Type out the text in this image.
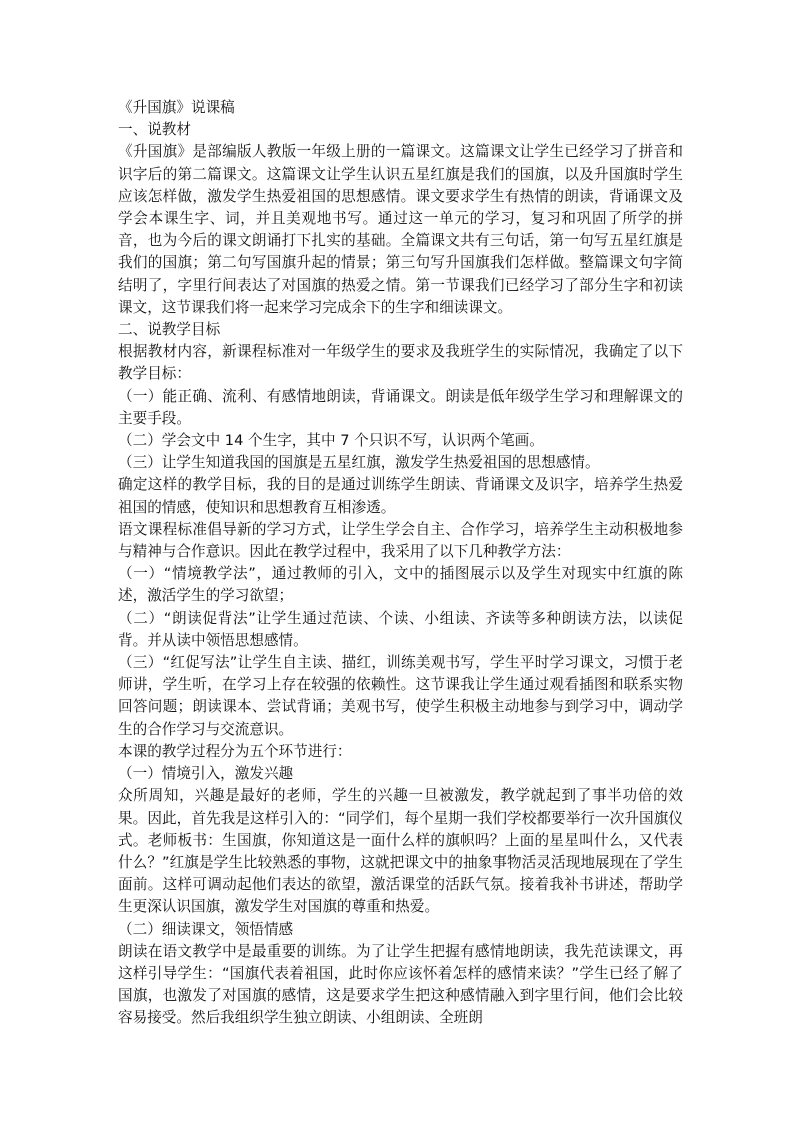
《升国旗》说课稿

一、说教材

《升国旗》是部编版人教版一年级上册的一篇课文。这篇课文让学生已经学习了拼音和识字后的第二篇课文。这篇课文让学生认识五星红旗是我们的国旗，以及升国旗时学生应该怎样做，激发学生热爱祖国的思想感情。课文要求学生有热情的朗读，背诵课文及学会本课生字、词，并且美观地书写。通过这一单元的学习，复习和巩固了所学的拼音，也为今后的课文朗诵打下扎实的基础。全篇课文共有三句话，第一句写五星红旗是我们的国旗；第二句写国旗升起的情景；第三句写升国旗我们怎样做。整篇课文句字简结明了，字里行间表达了对国旗的热爱之情。第一节课我们已经学习了部分生字和初读课文，这节课我们将一起来学习完成余下的生字和细读课文。

二、说教学目标

根据教材内容，新课程标准对一年级学生的要求及我班学生的实际情况，我确定了以下教学目标：

（一）能正确、流利、有感情地朗读，背诵课文。朗读是低年级学生学习和理解课文的主要手段。

（二）学会文中 14 个生字，其中 7 个只识不写，认识两个笔画。

（三）让学生知道我国的国旗是五星红旗，激发学生热爱祖国的思想感情。

确定这样的教学目标，我的目的是通过训练学生朗读、背诵课文及识字，培养学生热爱祖国的情感，使知识和思想教育互相渗透。

语文课程标准倡导新的学习方式，让学生学会自主、合作学习，培养学生主动积极地参与精神与合作意识。因此在教学过程中，我采用了以下几种教学方法：

（一）“情境教学法”，通过教师的引入，文中的插图展示以及学生对现实中红旗的陈述，激活学生的学习欲望；

（二）“朗读促背法”让学生通过范读、个读、小组读、齐读等多种朗读方法，以读促背。并从读中领悟思想感情。

（三）“红促写法”让学生自主读、描红，训练美观书写，学生平时学习课文，习惯于老师讲，学生听，在学习上存在较强的依赖性。这节课我让学生通过观看插图和联系实物回答问题；朗读课本、尝试背诵；美观书写，使学生积极主动地参与到学习中，调动学生的合作学习与交流意识。

本课的教学过程分为五个环节进行：

（一）情境引入，激发兴趣

众所周知，兴趣是最好的老师，学生的兴趣一旦被激发，教学就起到了事半功倍的效果。因此，首先我是这样引入的：“同学们，每个星期一我们学校都要举行一次升国旗仪式。老师板书：生国旗，你知道这是一面什么样的旗帜吗？上面的星星叫什么，又代表什么？”红旗是学生比较熟悉的事物，这就把课文中的抽象事物活灵活现地展现在了学生面前。这样可调动起他们表达的欲望，激活课堂的活跃气氛。接着我补书讲述，帮助学生更深认识国旗，激发学生对国旗的尊重和热爱。

（二）细读课文，领悟情感

朗读在语文教学中是最重要的训练。为了让学生把握有感情地朗读，我先范读课文，再这样引导学生：“国旗代表着祖国，此时你应该怀着怎样的感情来读？”学生已经了解了国旗，也激发了对国旗的感情，这是要求学生把这种感情融入到字里行间，他们会比较容易接受。然后我组织学生独立朗读、小组朗读、全班朗
